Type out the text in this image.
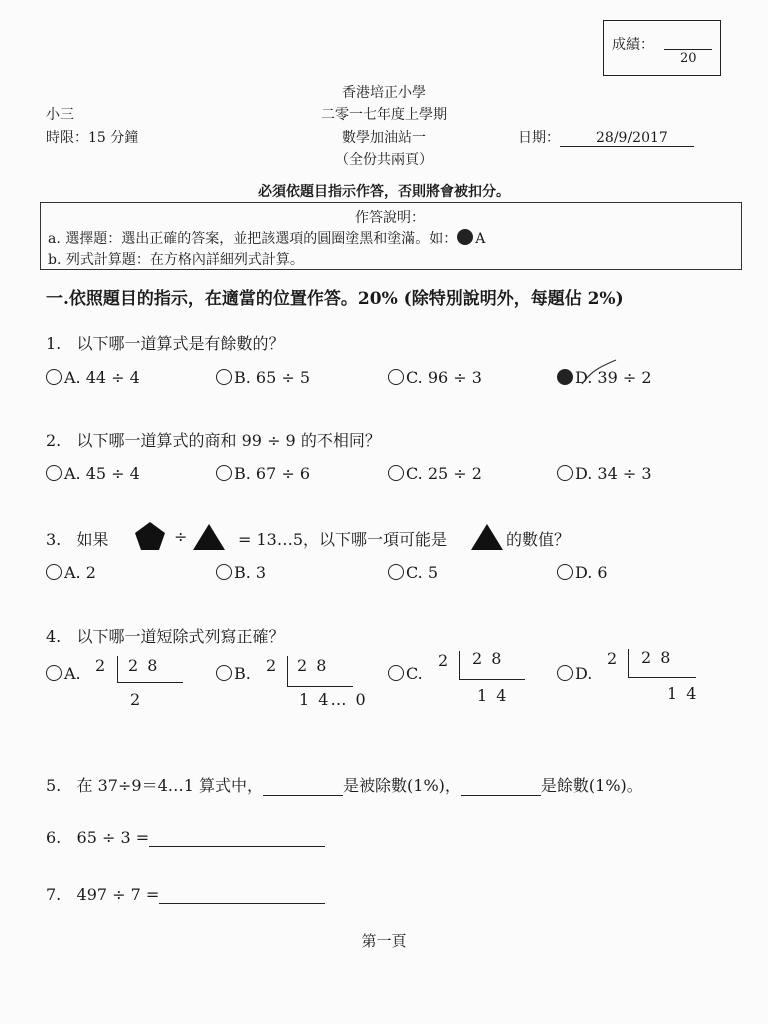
成績：
20
香港培正小學
小三	二零一七年度上學期
時限：15 分鐘	數學加油站一	日期：	28/9/2017
（全份共兩頁）
必須依題目指示作答，否則將會被扣分。
作答說明：
a. 選擇題：選出正確的答案，並把該選項的圓圈塗黑和塗滿。如： A
b. 列式計算題：在方格內詳細列式計算。
一.依照題目的指示，在適當的位置作答。20% (除特別說明外，每題佔 2%)
1. 以下哪一道算式是有餘數的？
A. 44 ÷ 4	B. 65 ÷ 5	C. 96 ÷ 3	D. 39 ÷ 2
2. 以下哪一道算式的商和 99 ÷ 9 的不相同？
A. 45 ÷ 4	B. 67 ÷ 6	C. 25 ÷ 2	D. 34 ÷ 3
3. 如果	÷	= 13…5，以下哪一項可能是	的數值？
A. 2	B. 3	C. 5	D. 6
4. 以下哪一道短除式列寫正確？
A. 2 2 8
2
B. 2 2 8
1 4… 0
C.
2 2 8
1 4
D.
2 2 8
1 4
5. 在 37÷9＝4…1 算式中，	是被除數(1%)，	是餘數(1%)。
6. 65 ÷ 3 =
7. 497 ÷ 7 =
第一頁
